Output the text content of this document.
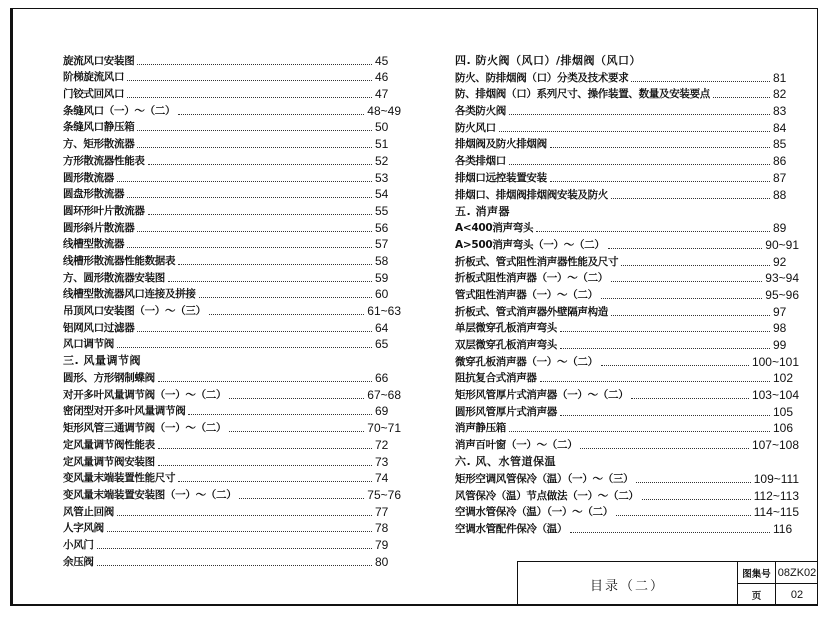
旋流风口安装图	45
阶梯旋流风口	46
门铰式回风口	47
条缝风口（一）～（二）	48~49
条缝风口静压箱	50
方、矩形散流器	51
方形散流器性能表	52
圆形散流器	53
圆盘形散流器	54
圆环形叶片散流器	55
圆形斜片散流器	56
线槽型散流器	57
线槽形散流器性能数据表	58
方、圆形散流器安装图	59
线槽型散流器风口连接及拼接	60
吊顶风口安装图（一）～（三）	61~63
铝网风口过滤器	64
风口调节阀	65
三. 风量调节阀
圆形、方形钢制蝶阀	66
对开多叶风量调节阀（一）～（二）	67~68
密闭型对开多叶风量调节阀	69
矩形风管三通调节阀（一）～（二）	70~71
定风量调节阀性能表	72
定风量调节阀安装图	73
变风量末端装置性能尺寸	74
变风量末端装置安装图（一）～（二）	75~76
风管止回阀	77
人字风阀	78
小风门	79
余压阀	80
四. 防火阀（风口）/排烟阀（风口）
防火、防排烟阀（口）分类及技术要求	81
防、排烟阀（口）系列尺寸、操作装置、数量及安装要点	82
各类防火阀	83
防火风口	84
排烟阀及防火排烟阀	85
各类排烟口	86
排烟口远控装置安装	87
排烟口、排烟阀排烟阀安装及防火	88
五. 消声器
A<400消声弯头	89
A>500消声弯头（一）～（二）	90~91
折板式、管式阻性消声器性能及尺寸	92
折板式阻性消声器（一）～（二）	93~94
管式阻性消声器（一）～（二）	95~96
折板式、管式消声器外壁隔声构造	97
单层微穿孔板消声弯头	98
双层微穿孔板消声弯头	99
微穿孔板消声器（一）～（二）	100~101
阻抗复合式消声器	102
矩形风管厚片式消声器（一）～（二）	103~104
圆形风管厚片式消声器	105
消声静压箱	106
消声百叶窗（一）～（二）	107~108
六. 风、水管道保温
矩形空调风管保冷（温）（一）～（三）	109~111
风管保冷（温）节点做法（一）～（二）	112~113
空调水管保冷（温）（一）～（二）	114~115
空调水管配件保冷（温）	116
目录（二）
图集号 08ZK02
页	02
